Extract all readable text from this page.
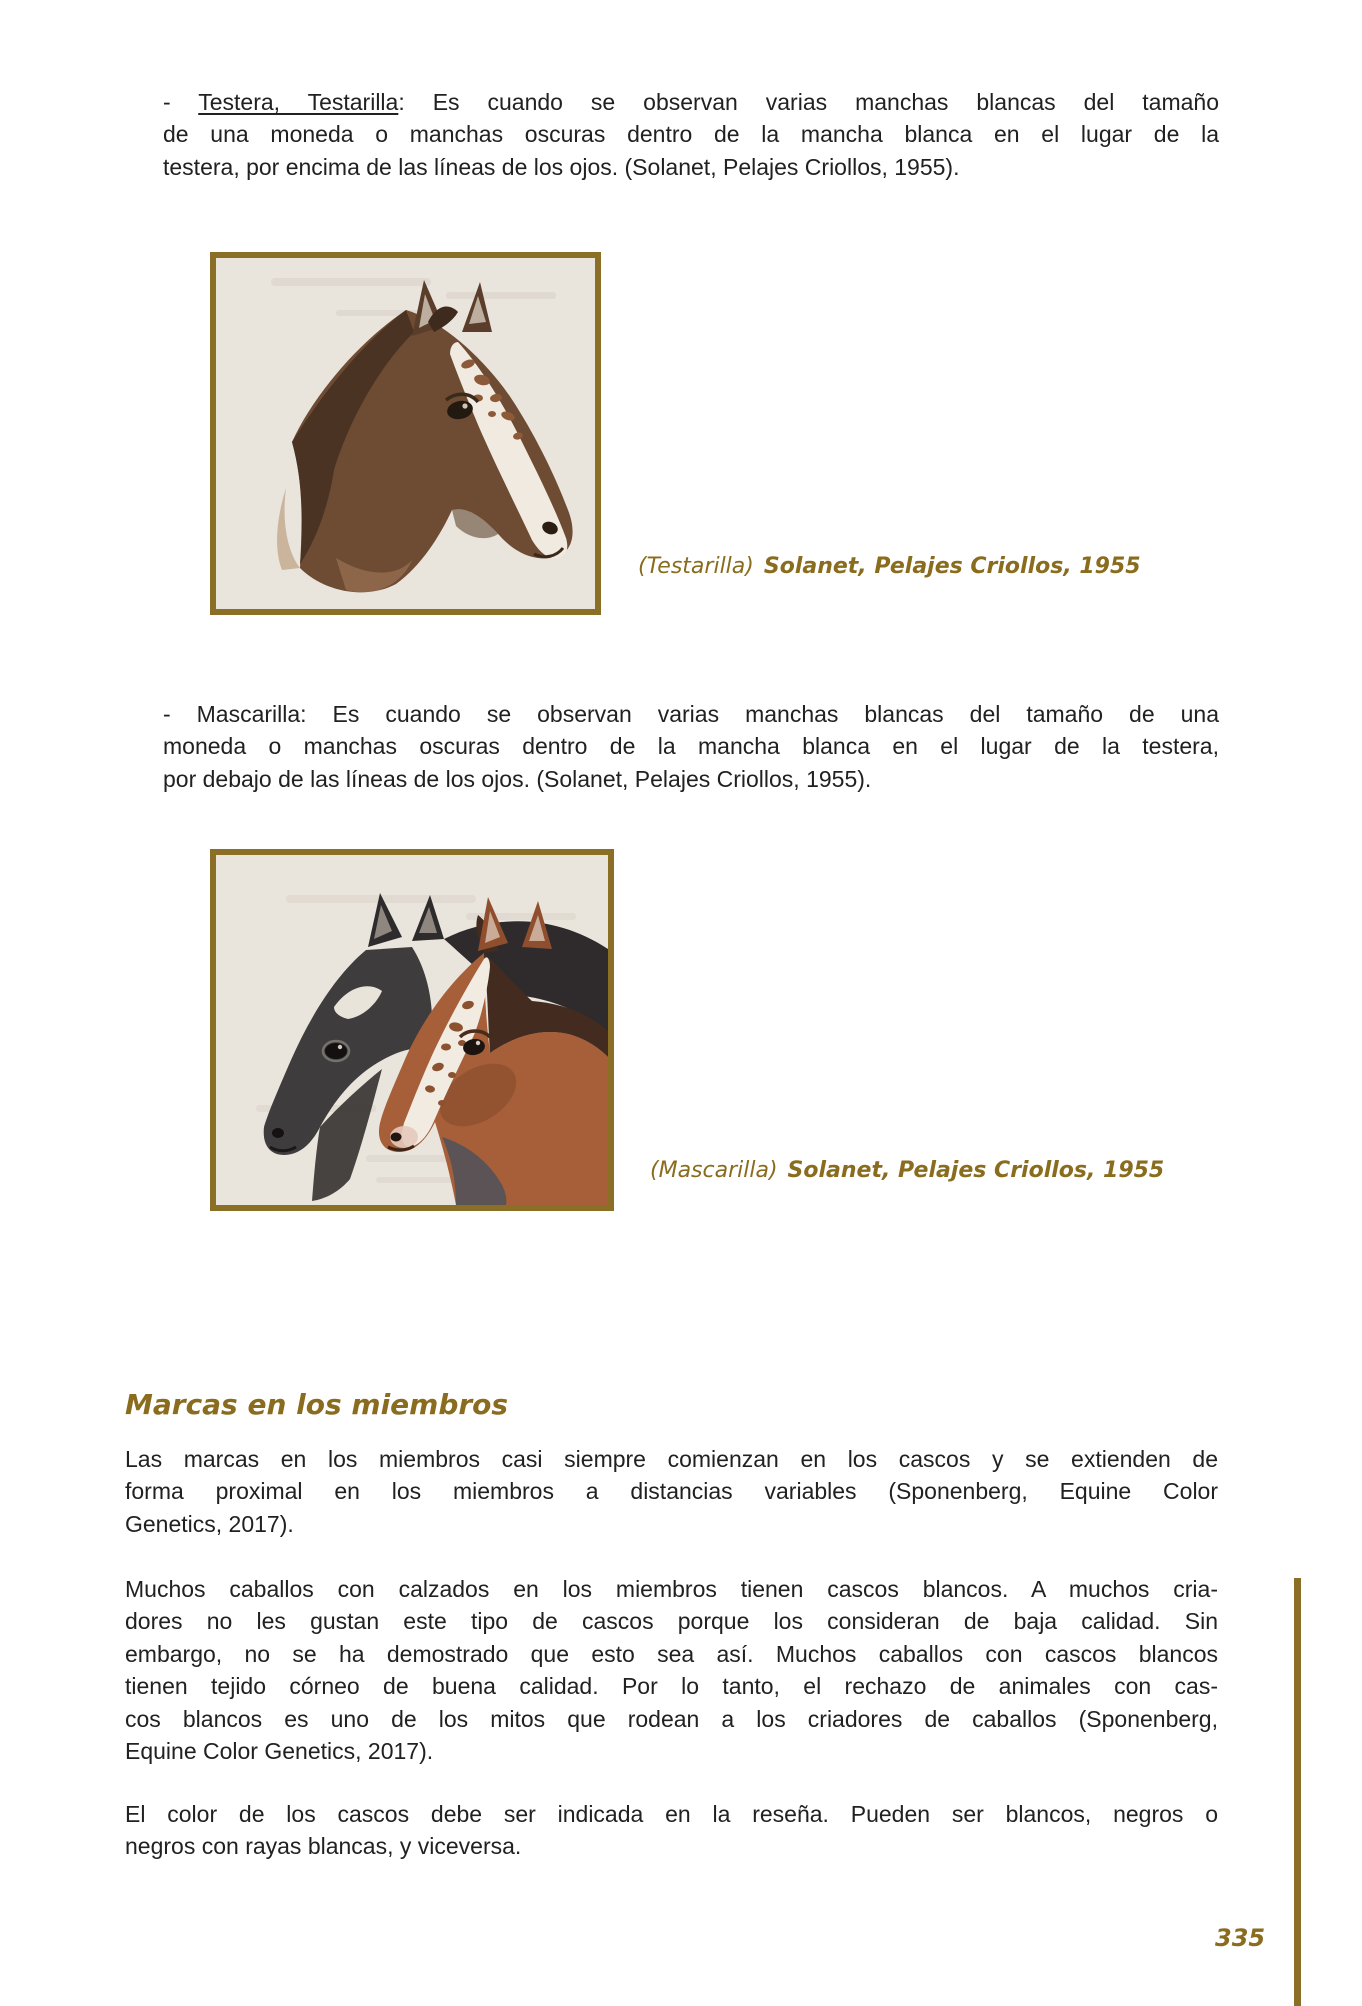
- Testera, Testarilla: Es cuando se observan varias manchas blancas del tamaño
de una moneda o manchas oscuras dentro de la mancha blanca en el lugar de la
testera, por encima de las líneas de los ojos. (Solanet, Pelajes Criollos, 1955).
(Testarilla) Solanet, Pelajes Criollos, 1955
- Mascarilla: Es cuando se observan varias manchas blancas del tamaño de una
moneda o manchas oscuras dentro de la mancha blanca en el lugar de la testera,
por debajo de las líneas de los ojos. (Solanet, Pelajes Criollos, 1955).
(Mascarilla) Solanet, Pelajes Criollos, 1955
Marcas en los miembros
Las marcas en los miembros casi siempre comienzan en los cascos y se extienden de
forma proximal en los miembros a distancias variables (Sponenberg, Equine Color
Genetics, 2017).
Muchos caballos con calzados en los miembros tienen cascos blancos. A muchos cria-
dores no les gustan este tipo de cascos porque los consideran de baja calidad. Sin
embargo, no se ha demostrado que esto sea así. Muchos caballos con cascos blancos
tienen tejido córneo de buena calidad. Por lo tanto, el rechazo de animales con cas-
cos blancos es uno de los mitos que rodean a los criadores de caballos (Sponenberg,
Equine Color Genetics, 2017).
El color de los cascos debe ser indicada en la reseña. Pueden ser blancos, negros o
negros con rayas blancas, y viceversa.
335
